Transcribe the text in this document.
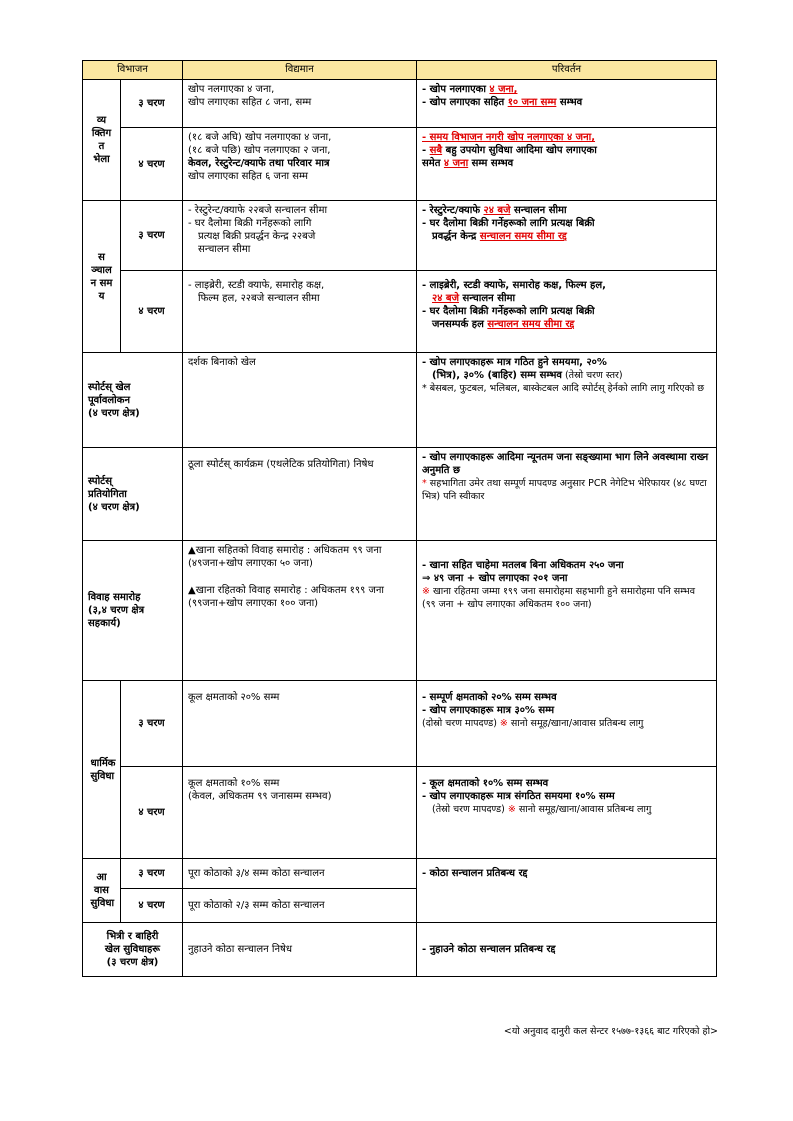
विभाजन		विद्यमान	परिवर्तन

व्यक्तिगत भेला	३ चरण	खोप नलगाएका ४ जना,
खोप लगाएका सहित ८ जना, सम्म	- खोप नलगाएका ४ जना,
- खोप लगाएका सहित १० जना सम्म सम्भव

	४ चरण	(१८ बजे अघि) खोप नलगाएका ४ जना,
(१८ बजे पछि) खोप नलगाएका २ जना,
केवल, रेस्टुरेन्ट/क्याफे तथा परिवार मात्र
खोप लगाएका सहित ६ जना सम्म	- समय विभाजन नगरी खोप नलगाएका ४ जना,
- सबै बहु उपयोग सुविधा आदिमा खोप लगाएका
समेत ४ जना सम्म सम्भव

सञ्चालन समय	३ चरण	- रेस्टुरेन्ट/क्याफे २२बजे सन्चालन सीमा
- घर दैलोमा बिक्री गर्नेहरूको लागि
प्रत्यक्ष बिक्री प्रवर्द्धन केन्द्र २२बजे
सन्चालन सीमा	- रेस्टुरेन्ट/क्याफे २४ बजे सन्चालन सीमा
- घर दैलोमा बिक्री गर्नेहरूको लागि प्रत्यक्ष बिक्री
प्रवर्द्धन केन्द्र सन्चालन समय सीमा रद्द

	४ चरण	- लाइब्रेरी, स्टडी क्याफे, समारोह कक्ष,
फिल्म हल, २२बजे सन्चालन सीमा	- लाइब्रेरी, स्टडी क्याफे, समारोह कक्ष, फिल्म हल,
२४ बजे सन्चालन सीमा
- घर दैलोमा बिक्री गर्नेहरूको लागि प्रत्यक्ष बिक्री
जनसम्पर्क हल सन्चालन समय सीमा रद्द

स्पोर्टस् खेल
पूर्वावलोकन
(४ चरण क्षेत्र)		दर्शक बिनाको खेल	- खोप लगाएकाहरू मात्र गठित हुने समयमा, २०%
(भित्र), ३०% (बाहिर) सम्म सम्भव (तेस्रो चरण स्तर)
* बेसबल, फुटबल, भलिबल, बास्केटबल आदि स्पोर्टस् हेर्नको लागि लागु गरिएको छ

स्पोर्टस्
प्रतियोगिता
(४ चरण क्षेत्र)		ठूला स्पोर्टस् कार्यक्रम (एथलेटिक प्रतियोगिता) निषेध	- खोप लगाएकाहरू आदिमा न्यूनतम जना सङ्ख्यामा भाग लिने अवस्थामा राख्न अनुमति छ
* सहभागिता उमेर तथा सम्पूर्ण मापदण्ड अनुसार PCR नेगेटिभ भेरिफायर (४८ घण्टा भित्र) पनि स्वीकार

विवाह समारोह
(३,४ चरण क्षेत्र
सहकार्य)		▲खाना सहितको विवाह समारोह : अधिकतम ९९ जना (४९जना+खोप लगाएका ५० जना)
▲खाना रहितको विवाह समारोह : अधिकतम १९९ जना (९९जना+खोप लगाएका १०० जना)	- खाना सहित चाहेमा मतलब बिना अधिकतम २५० जना
⇒ ४९ जना + खोप लगाएका २०१ जना
※ खाना रहितमा जम्मा १९९ जना समारोहमा सहभागी हुने समारोहमा पनि सम्भव (९९ जना + खोप लगाएका अधिकतम १०० जना)

धार्मिक सुविधा	३ चरण	कूल क्षमताको २०% सम्म	- सम्पूर्ण क्षमताको २०% सम्म सम्भव
- खोप लगाएकाहरू मात्र ३०% सम्म
(दोस्रो चरण मापदण्ड) ※ सानो समूह/खाना/आवास प्रतिबन्ध लागु

	४ चरण	कूल क्षमताको १०% सम्म
(केवल, अधिकतम ९९ जनासम्म सम्भव)	- कूल क्षमताको १०% सम्म सम्भव
- खोप लगाएकाहरू मात्र संगठित समयमा १०% सम्म
(तेस्रो चरण मापदण्ड) ※ सानो समूह/खाना/आवास प्रतिबन्ध लागु

आवास सुविधा	३ चरण	पूरा कोठाको ३/४ सम्म कोठा सन्चालन	- कोठा सन्चालन प्रतिबन्ध रद्द
	४ चरण	पूरा कोठाको २/३ सम्म कोठा सन्चालन	

भित्री र बाहिरी
खेल सुविधाहरू
(३ चरण क्षेत्र)		नुहाउने कोठा सन्चालन निषेध	- नुहाउने कोठा सन्चालन प्रतिबन्ध रद्द
<यो अनुवाद दानुरी कल सेन्टर १५७७-१३६६ बाट गरिएको हो>
